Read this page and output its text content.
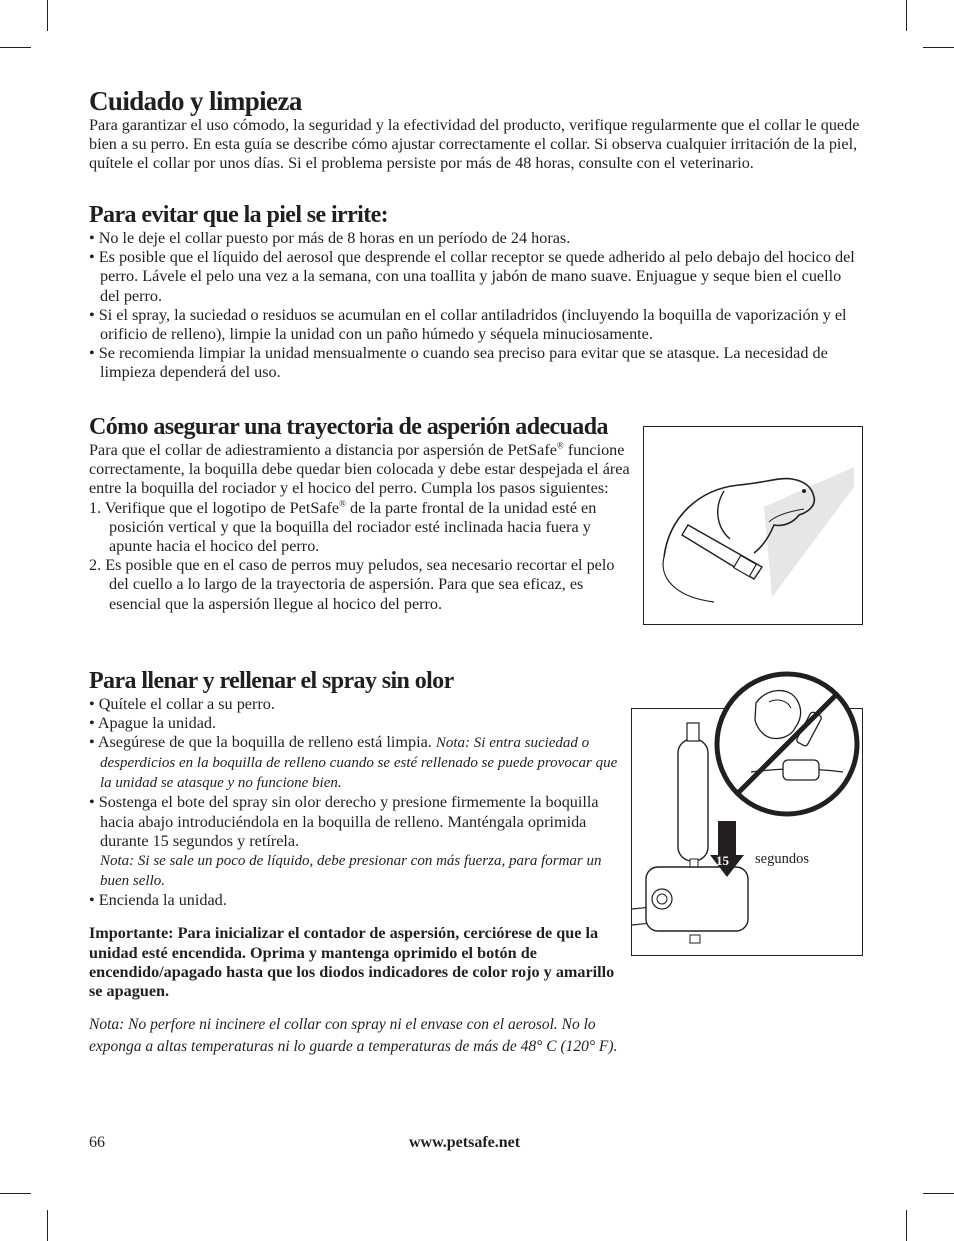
Cuidado y limpieza

Para garantizar el uso cómodo, la seguridad y la efectividad del producto, verifique regularmente que el collar le quede bien a su perro. En esta guía se describe cómo ajustar correctamente el collar. Si observa cualquier irritación de la piel, quítele el collar por unos días. Si el problema persiste por más de 48 horas, consulte con el veterinario.

Para evitar que la piel se irrite:
• No le deje el collar puesto por más de 8 horas en un período de 24 horas.
• Es posible que el líquido del aerosol que desprende el collar receptor se quede adherido al pelo debajo del hocico del perro. Lávele el pelo una vez a la semana, con una toallita y jabón de mano suave. Enjuague y seque bien el cuello del perro.
• Si el spray, la suciedad o residuos se acumulan en el collar antiladridos (incluyendo la boquilla de vaporización y el orificio de relleno), limpie la unidad con un paño húmedo y séquela minuciosamente.
• Se recomienda limpiar la unidad mensualmente o cuando sea preciso para evitar que se atasque. La necesidad de limpieza dependerá del uso.
Cómo asegurar una trayectoria de asperión adecuada

Para que el collar de adiestramiento a distancia por aspersión de PetSafe® funcione correctamente, la boquilla debe quedar bien colocada y debe estar despejada el área entre la boquilla del rociador y el hocico del perro. Cumpla los pasos siguientes:

1. Verifique que el logotipo de PetSafe® de la parte frontal de la unidad esté en posición vertical y que la boquilla del rociador esté inclinada hacia fuera y apunte hacia el hocico del perro.
2. Es posible que en el caso de perros muy peludos, sea necesario recortar el pelo del cuello a lo largo de la trayectoria de aspersión. Para que sea eficaz, es esencial que la aspersión llegue al hocico del perro.
Para llenar y rellenar el spray sin olor
• Quítele el collar a su perro.
• Apague la unidad.
• Asegúrese de que la boquilla de relleno está limpia. Nota: Si entra suciedad o desperdicios en la boquilla de relleno cuando se esté rellenado se puede provocar que la unidad se atasque y no funcione bien.
• Sostenga el bote del spray sin olor derecho y presione firmemente la boquilla hacia abajo introduciéndola en la boquilla de relleno. Manténgala oprimida durante 15 segundos y retírela.
Nota: Si se sale un poco de líquido, debe presionar con más fuerza, para formar un buen sello.
• Encienda la unidad.

Importante: Para inicializar el contador de aspersión, cerciórese de que la unidad esté encendida. Oprima y mantenga oprimido el botón de encendido/apagado hasta que los diodos indicadores de color rojo y amarillo se apaguen.

Nota: No perfore ni incinere el collar con spray ni el envase con el aerosol. No lo exponga a altas temperaturas ni lo guarde a temperaturas de más de 48° C (120° F).

15 segundos
66	www.petsafe.net
